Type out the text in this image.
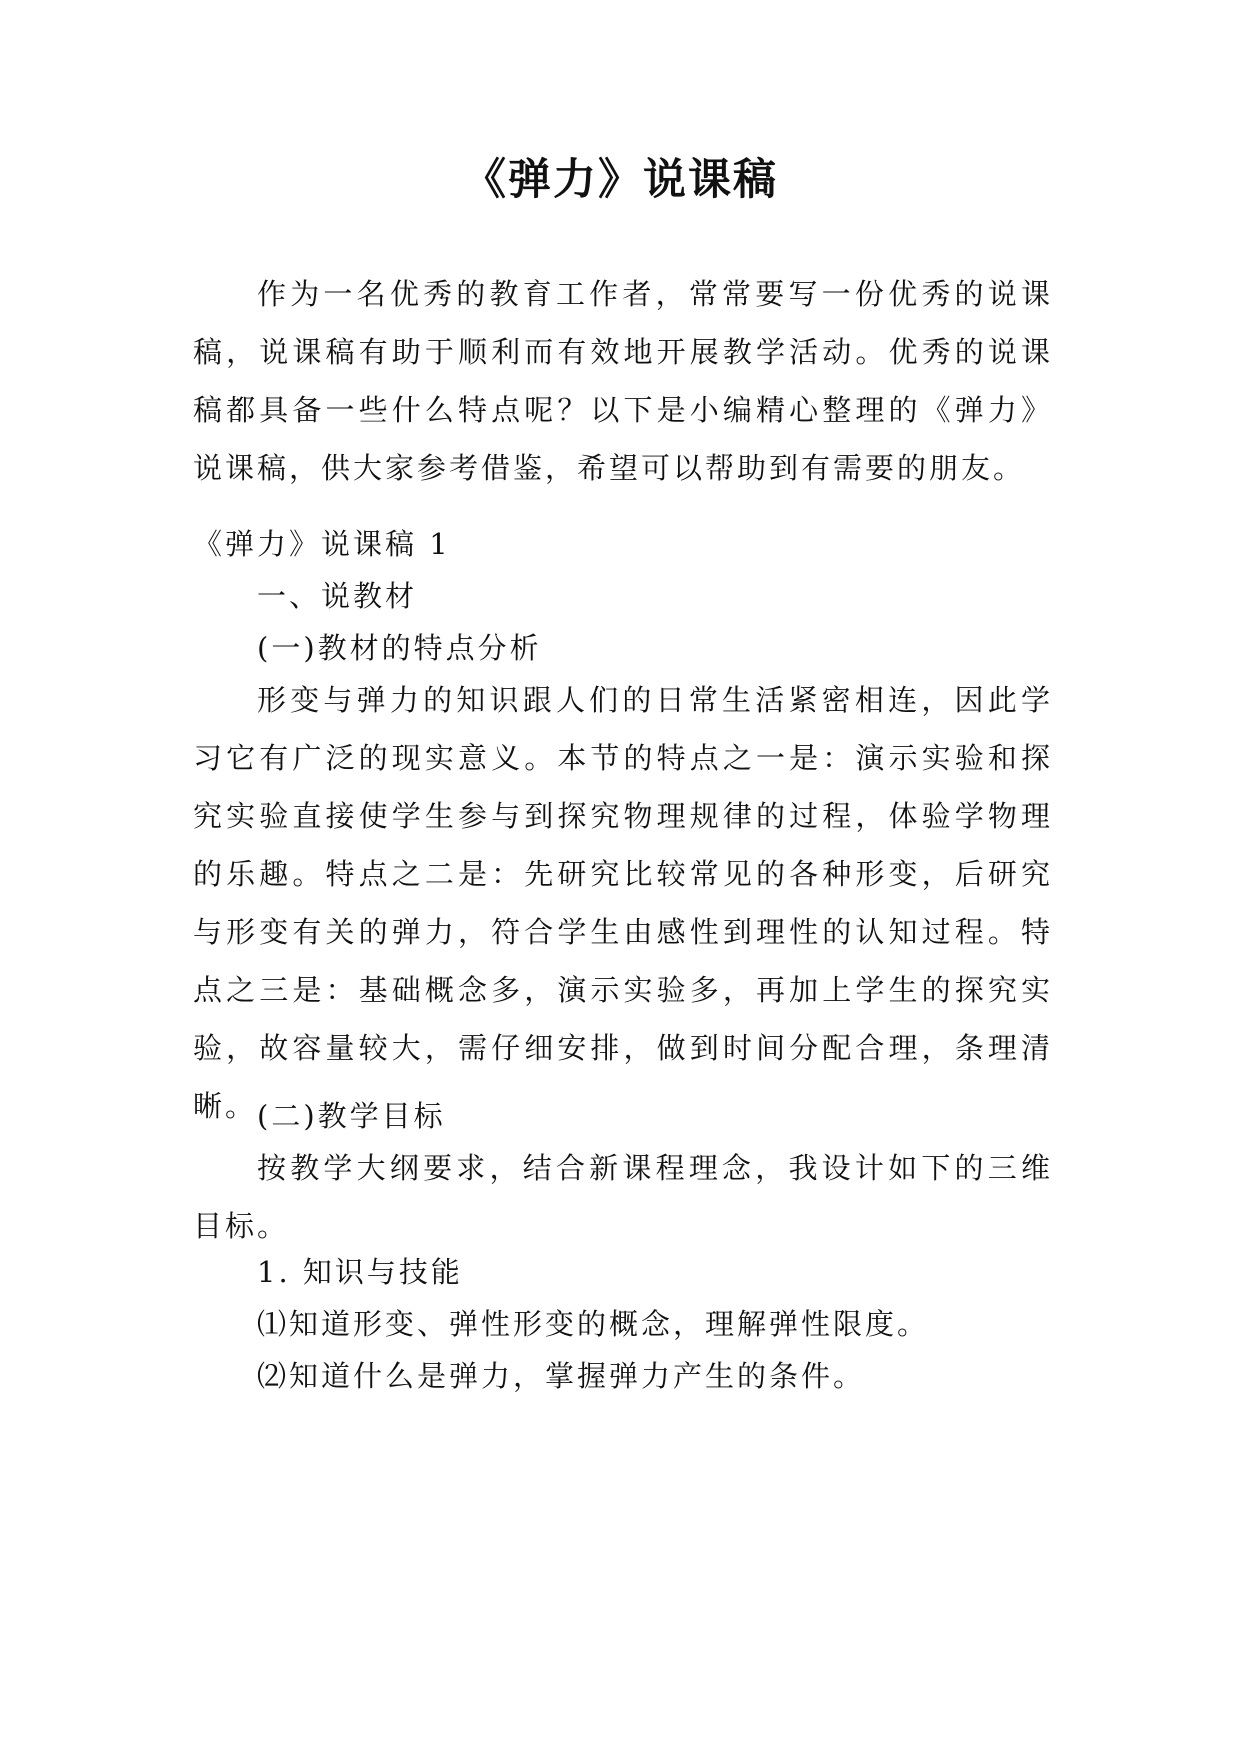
《弹力》说课稿

作为一名优秀的教育工作者，常常要写一份优秀的说课稿，说课稿有助于顺利而有效地开展教学活动。优秀的说课稿都具备一些什么特点呢？以下是小编精心整理的《弹力》说课稿，供大家参考借鉴，希望可以帮助到有需要的朋友。

《弹力》说课稿 1
一、说教材
(一)教材的特点分析

形变与弹力的知识跟人们的日常生活紧密相连，因此学习它有广泛的现实意义。本节的特点之一是：演示实验和探究实验直接使学生参与到探究物理规律的过程，体验学物理的乐趣。特点之二是：先研究比较常见的各种形变，后研究与形变有关的弹力，符合学生由感性到理性的认知过程。特点之三是：基础概念多，演示实验多，再加上学生的探究实验，故容量较大，需仔细安排，做到时间分配合理，条理清晰。 (二)教学目标

按教学大纲要求，结合新课程理念，我设计如下的三维目标。

1. 知识与技能
⑴知道形变、弹性形变的概念，理解弹性限度。
⑵知道什么是弹力，掌握弹力产生的条件。
